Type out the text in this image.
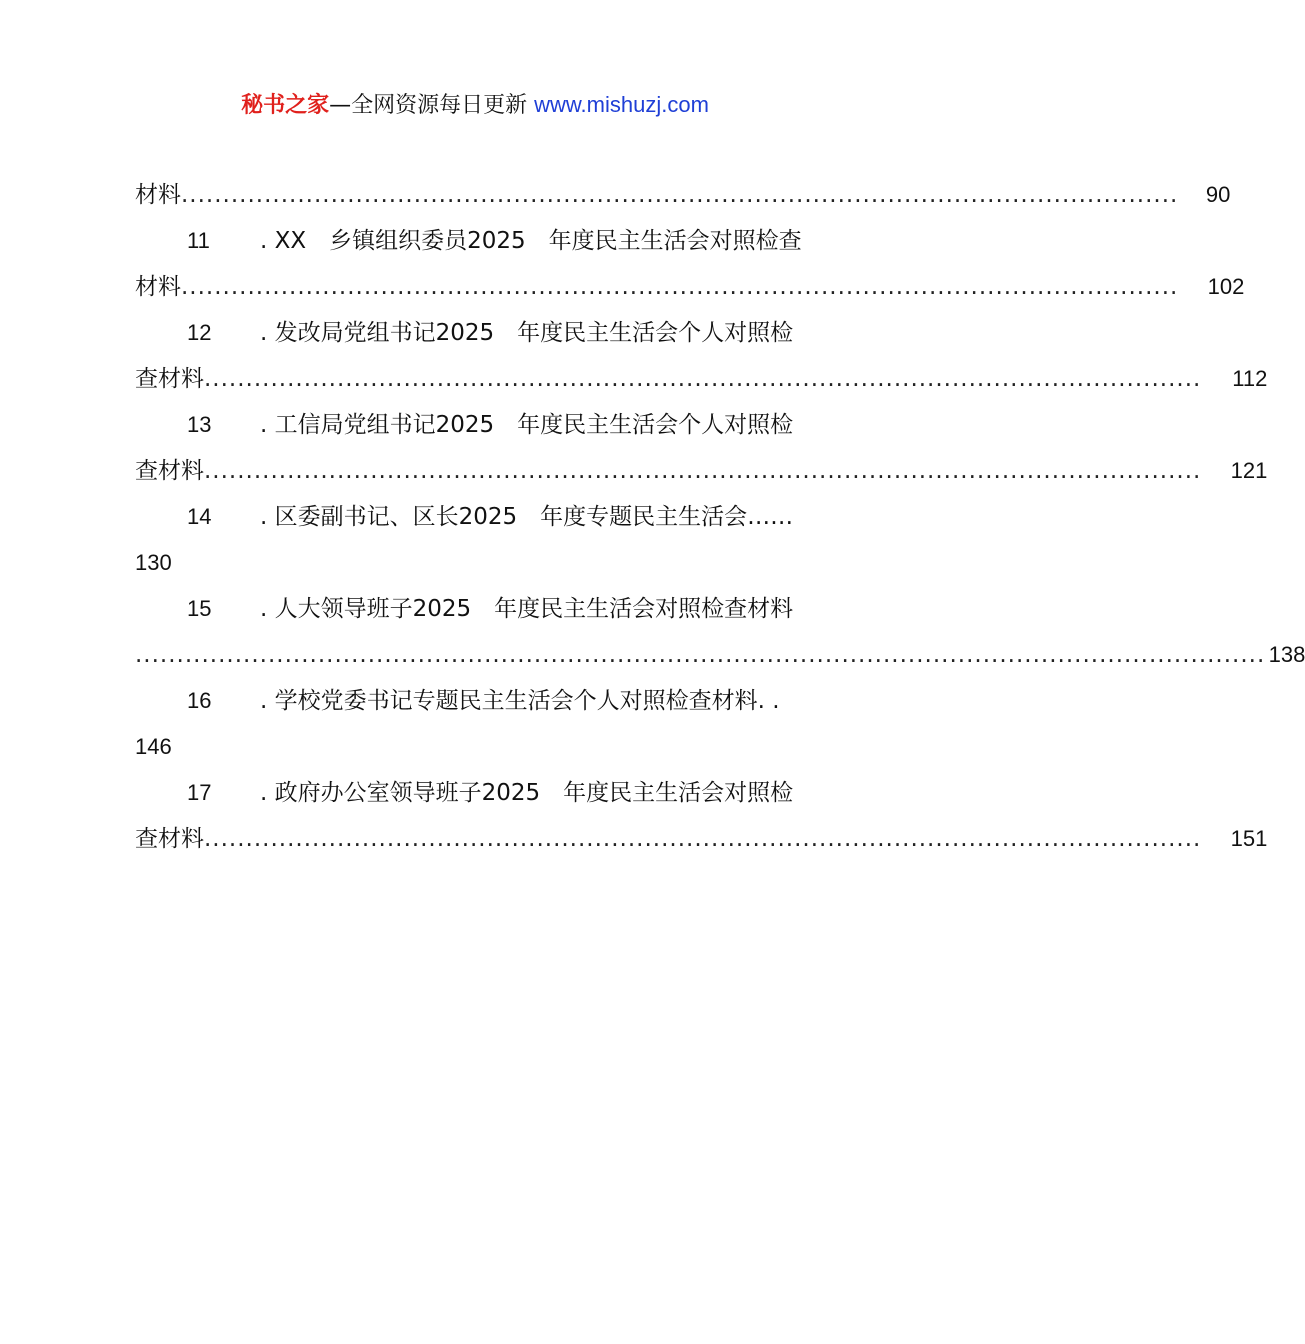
秘书之家—全网资源每日更新 www.mishuzj.com
材料 ........................................................................................................................	90
11	. XX　乡镇组织委员2025　年度民主生活会对照检查
材料 ........................................................................................................................	102
12	. 发改局党组书记2025　年度民主生活会个人对照检
查材料 ........................................................................................................................	112
13	. 工信局党组书记2025　年度民主生活会个人对照检
查材料 ........................................................................................................................	121
14	. 区委副书记、区长2025　年度专题民主生活会……
130
15	. 人大领导班子2025　年度民主生活会对照检查材料
........................................................................................................................................ 138
16	. 学校党委书记专题民主生活会个人对照检查材料. .
146
17	. 政府办公室领导班子2025　年度民主生活会对照检
查材料 ........................................................................................................................	151
